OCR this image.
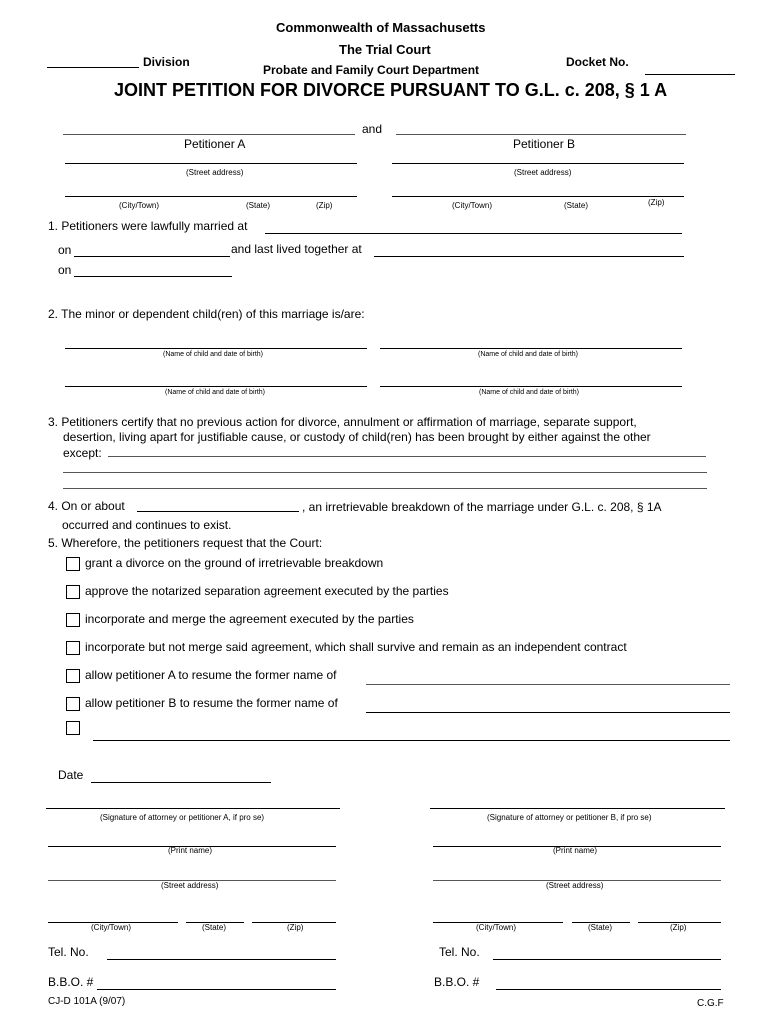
Commonwealth of Massachusetts
The Trial Court
Probate and Family Court Department
Division	Docket No.
JOINT PETITION FOR DIVORCE PURSUANT TO G.L. c. 208, § 1 A
and
Petitioner A	Petitioner B
(Street address)	(Street address)
(City/Town)	(State)	(Zip)	(City/Town)	(State)	(Zip)
1. Petitioners were lawfully married at
on	and last lived together at
on
2. The minor or dependent child(ren) of this marriage is/are:
(Name of child and date of birth)	(Name of child and date of birth)
(Name of child and date of birth)	(Name of child and date of birth)
3. Petitioners certify that no previous action for divorce, annulment or affirmation of marriage, separate support,
desertion, living apart for justifiable cause, or custody of child(ren) has been brought by either against the other
except:
4. On or about	, an irretrievable breakdown of the marriage under G.L. c. 208, § 1A
occurred and continues to exist.
5. Wherefore, the petitioners request that the Court:
grant a divorce on the ground of irretrievable breakdown
approve the notarized separation agreement executed by the parties
incorporate and merge the agreement executed by the parties
incorporate but not merge said agreement, which shall survive and remain as an independent contract
allow petitioner A to resume the former name of
allow petitioner B to resume the former name of
Date
(Signature of attorney or petitioner A, if pro se)	(Signature of attorney or petitioner B, if pro se)
(Print name)	(Print name)
(Street address)	(Street address)
(City/Town)	(State)	(Zip)	(City/Town)	(State)	(Zip)
Tel. No.	Tel. No.
B.B.O. #	B.B.O. #
CJ-D 101A (9/07)	C.G.F
